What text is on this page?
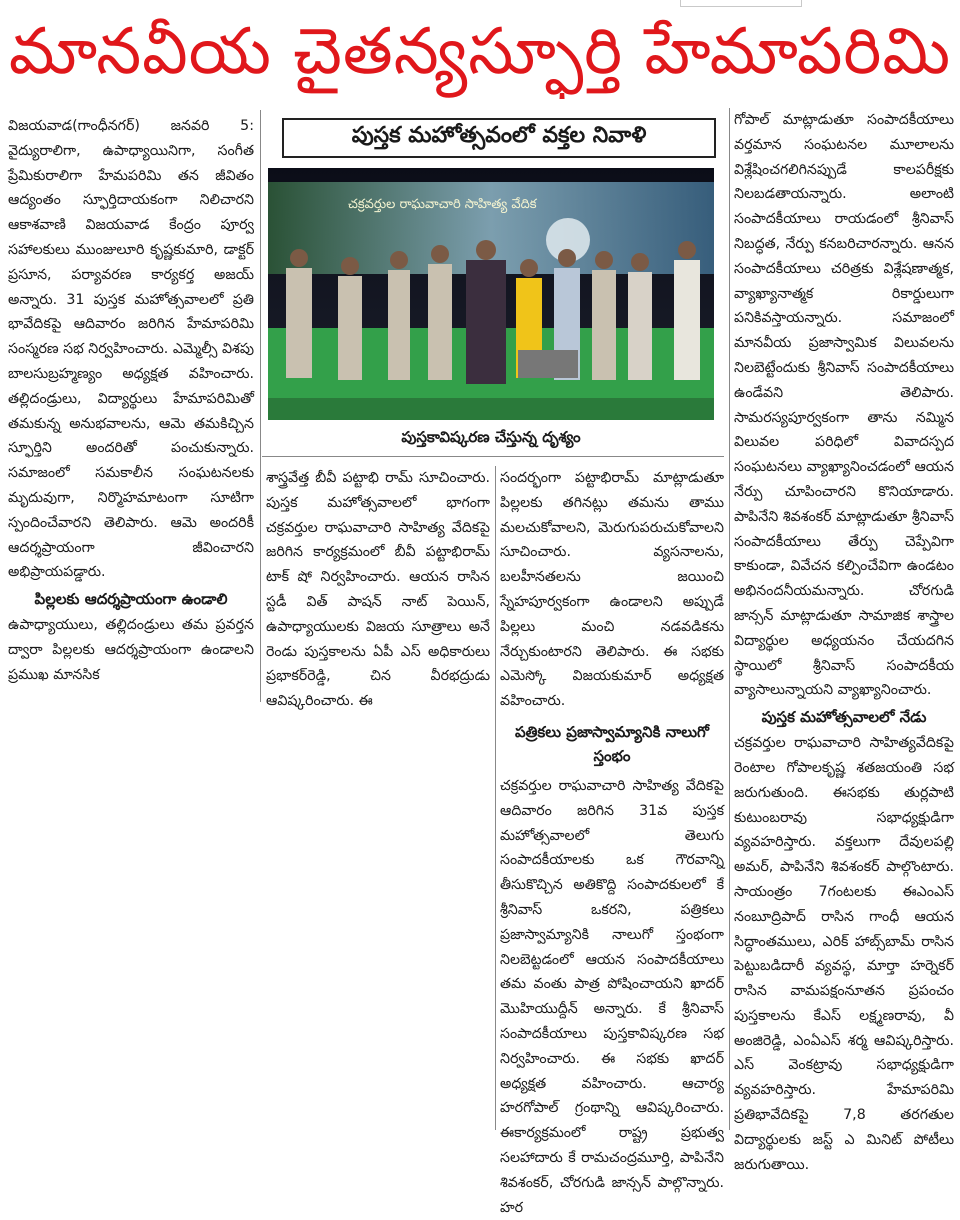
మానవీయ చైతన్యస్ఫూర్తి హేమాపరిమి

విజయవాడ(గాంధీనగర్) జనవరి 5: వైద్యురాలిగా, ఉపాధ్యాయినిగా, సంగీత ప్రేమికురాలిగా హేమపరిమి తన జీవితం ఆద్యంతం స్ఫూర్తిదాయకంగా నిలిచారని ఆకాశవాణి విజయవాడ కేంద్రం పూర్వ సహాలకులు ముంజులూరి కృష్ణకుమారి, డాక్టర్ ప్రసూన, పర్యావరణ కార్యకర్త అజయ్ అన్నారు. 31 పుస్తక మహోత్సవాలలో ప్రతి భావేదికపై ఆదివారం జరిగిన హేమాపరిమి సంస్మరణ సభ నిర్వహించారు. ఎమ్మెల్సీ విశపు బాలసుబ్రహ్మణ్యం అధ్యక్షత వహించారు. తల్లిదండ్రులు, విద్యార్థులు హేమాపరిమితో తమకున్న అనుభవాలను, ఆమె తమకిచ్చిన స్ఫూర్తిని అందరితో పంచుకున్నారు. సమాజంలో సమకాలీన సంఘటనలకు మృదువుగా, నిర్మొహమాటంగా సూటిగా స్పందించేవారని తెలిపారు. ఆమె అందరికీ ఆదర్శప్రాయంగా జీవించారని అభిప్రాయపడ్డారు.

పిల్లలకు ఆదర్శప్రాయంగా ఉండాలి

ఉపాధ్యాయులు, తల్లిదండ్రులు తమ ప్రవర్తన ద్వారా పిల్లలకు ఆదర్శప్రాయంగా ఉండాలని ప్రముఖ మానసిక

పుస్తక మహోత్సవంలో వక్తల నివాళి
చక్రవర్తుల రాఘవాచారి సాహిత్య వేదిక
పుస్తకావిష్కరణ చేస్తున్న దృశ్యం

శాస్త్రవేత్త బీవీ పట్టాభి రామ్ సూచించారు. పుస్తక మహోత్సవాలలో భాగంగా చక్రవర్తుల రాఘవాచారి సాహిత్య వేదికపై జరిగిన కార్యక్రమంలో బీవీ పట్టాభిరామ్ టాక్ షో నిర్వహించారు. ఆయన రాసిన స్టడీ విత్ పాషన్ నాట్ పెయిన్, ఉపాధ్యాయులకు విజయ సూత్రాలు అనే రెండు పుస్తకాలను ఏపీ ఎస్ అధికారులు ప్రభాకర్‌రెడ్డి, చిన వీరభద్రుడు ఆవిష్కరించారు. ఈ

సందర్భంగా పట్టాభిరామ్ మాట్లాడుతూ పిల్లలకు తగినట్లు తమను తాము మలచుకోవాలని, మెరుగుపరుచుకోవాలని సూచించారు. వ్యసనాలను, బలహీనతలను జయించి స్నేహపూర్వకంగా ఉండాలని అప్పుడే పిల్లలు మంచి నడవడికను నేర్చుకుంటారని తెలిపారు. ఈ సభకు ఎమెస్కో విజయకుమార్ అధ్యక్షత వహించారు.

పత్రికలు ప్రజాస్వామ్యానికి నాలుగో స్తంభం

చక్రవర్తుల రాఘవాచారి సాహిత్య వేదికపై ఆదివారం జరిగిన 31వ పుస్తక మహోత్సవాలలో తెలుగు సంపాదకీయాలకు ఒక గౌరవాన్ని తీసుకొచ్చిన అతికొద్ది సంపాదకులలో కే శ్రీనివాస్ ఒకరని, పత్రికలు ప్రజాస్వామ్యానికి నాలుగో స్తంభంగా నిలబెట్టడంలో ఆయన సంపాదకీయాలు తమ వంతు పాత్ర పోషించాయని ఖాదర్ మొహియుద్దీన్ అన్నారు. కే శ్రీనివాస్ సంపాదకీయాలు పుస్తకావిష్కరణ సభ నిర్వహించారు. ఈ సభకు ఖాదర్ అధ్యక్షత వహించారు. ఆచార్య హరగోపాల్ గ్రంథాన్ని ఆవిష్కరించారు. ఈకార్యక్రమంలో రాష్ట్ర ప్రభుత్వ సలహాదారు కే రామచంద్రమూర్తి, పాపినేని శివశంకర్, చోరగుడి జాన్సన్ పాల్గొన్నారు. హర

గోపాల్ మాట్లాడుతూ సంపాదకీయాలు వర్తమాన సంఘటనల మూలాలను విశ్లేషించగలిగినప్పుడే కాలపరీక్షకు నిలబడతాయన్నారు. అలాంటి సంపాదకీయాలు రాయడంలో శ్రీనివాస్ నిబద్ధత, నేర్పు కనబరిచారన్నారు. ఆనన సంపాదకీయాలు చరిత్రకు విశ్లేషణాత్మక, వ్యాఖ్యానాత్మక రికార్డులుగా పనికివస్తాయన్నారు. సమాజంలో మానవీయ ప్రజాస్వామిక విలువలను నిలబెట్టేందుకు శ్రీనివాస్ సంపాదకీయాలు ఉండేవని తెలిపారు. సామరస్యపూర్వకంగా తాను నమ్మిన విలువల పరిధిలో వివాదస్పద సంఘటనలు వ్యాఖ్యానించడంలో ఆయన నేర్పు చూపించారని కొనియాడారు. పాపినేని శివశంకర్ మాట్లాడుతూ శ్రీనివాస్ సంపాదకీయాలు తేర్పు చెప్పేవిగా కాకుండా, వివేచన కల్పించేవిగా ఉండటం అభినందనీయమన్నారు. చోరగుడి జాన్సన్ మాట్లాడుతూ సామాజిక శాస్త్రాల విద్యార్థుల అధ్యయనం చేయదగిన స్థాయిలో శ్రీనివాస్ సంపాదకీయ వ్యాసాలున్నాయని వ్యాఖ్యానించారు.

పుస్తక మహోత్సవాలలో నేడు

చక్రవర్తుల రాఘవాచారి సాహిత్యవేదికపై రెంటాల గోపాలకృష్ణ శతజయంతి సభ జరుగుతుంది. ఈసభకు తుర్లపాటి కుటుంబరావు సభాధ్యక్షుడిగా వ్యవహరిస్తారు. వక్తలుగా దేవులపల్లి అమర్, పాపినేని శివశంకర్ పాల్గొంటారు. సాయంత్రం 7గంటలకు ఈఎంఎస్ నంబూద్రిపాద్ రాసిన గాంధీ ఆయన సిద్ధాంతములు, ఎరిక్ హాబ్స్‌బామ్ రాసిన పెట్టుబడిదారీ వ్యవస్థ, మార్తా హర్నెకర్ రాసిన వామపక్షంనూతన ప్రపంచం పుస్తకాలను కేఎస్ లక్ష్మణరావు, వీ అంజిరెడ్డి, ఎంఏఎస్ శర్మ ఆవిష్కరిస్తారు. ఎస్ వెంకట్రావు సభాధ్యక్షుడిగా వ్యవహరిస్తారు. హేమాపరిమి ప్రతిభావేదికపై 7,8 తరగతుల విద్యార్థులకు జస్ట్ ఎ మినిట్ పోటీలు జరుగుతాయి.
